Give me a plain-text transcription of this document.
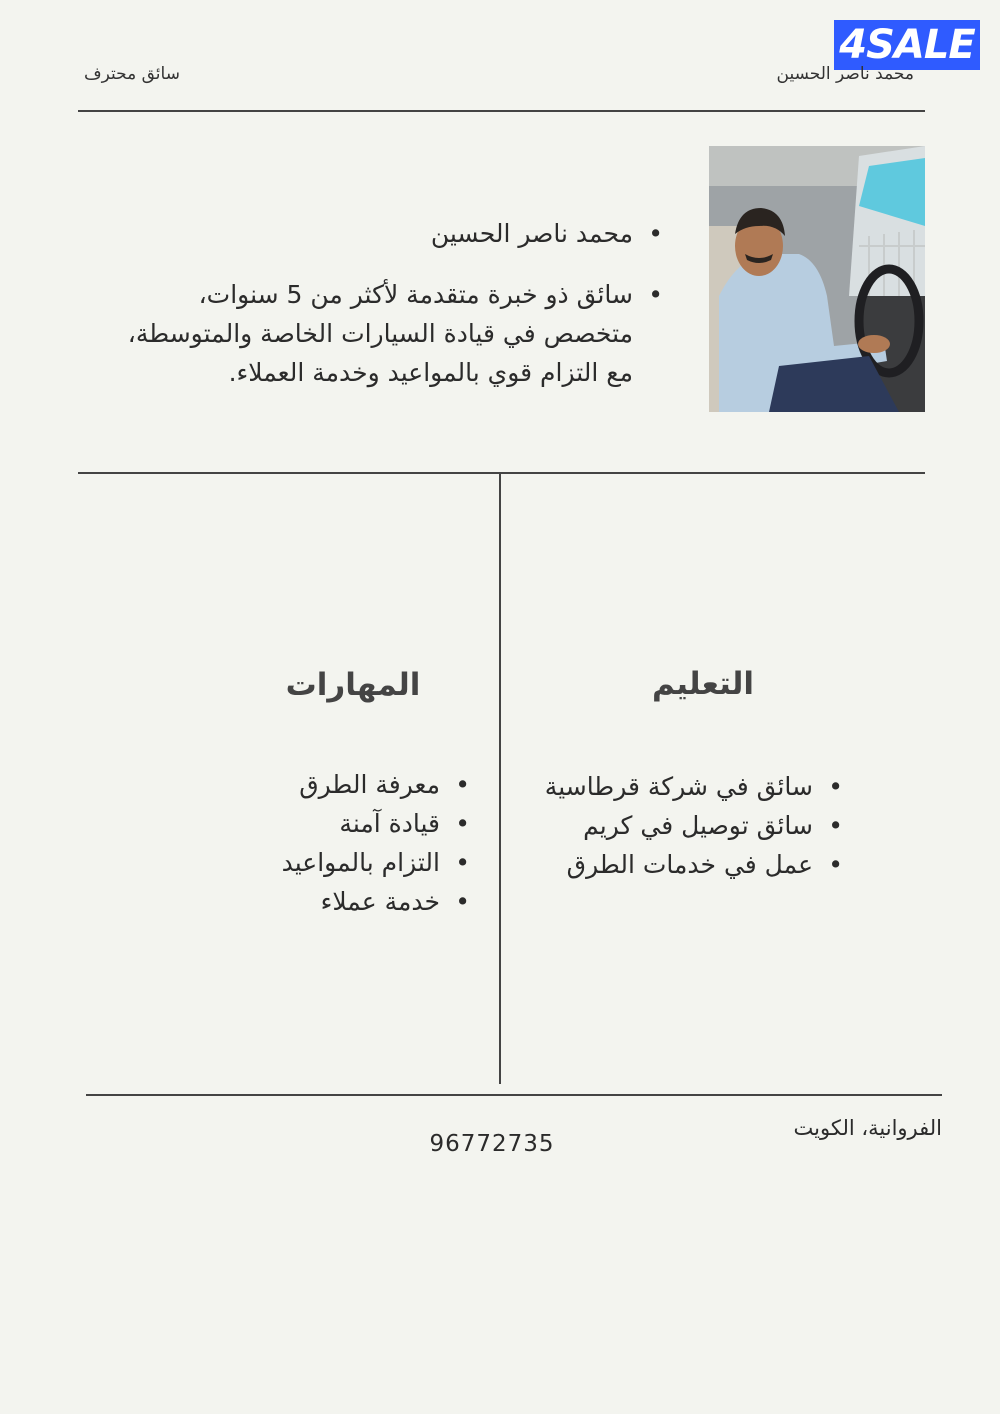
4SALE
محمد ناصر الحسين
سائق محترف
• محمد ناصر الحسين
• سائق ذو خبرة متقدمة لأكثر من 5 سنوات، متخصص في قيادة السيارات الخاصة والمتوسطة، مع التزام قوي بالمواعيد وخدمة العملاء.
التعليم
• سائق في شركة قرطاسية
• سائق توصيل في كريم
• عمل في خدمات الطرق
المهارات
• معرفة الطرق
• قيادة آمنة
• التزام بالمواعيد
• خدمة عملاء
الفروانية، الكويت
96772735
